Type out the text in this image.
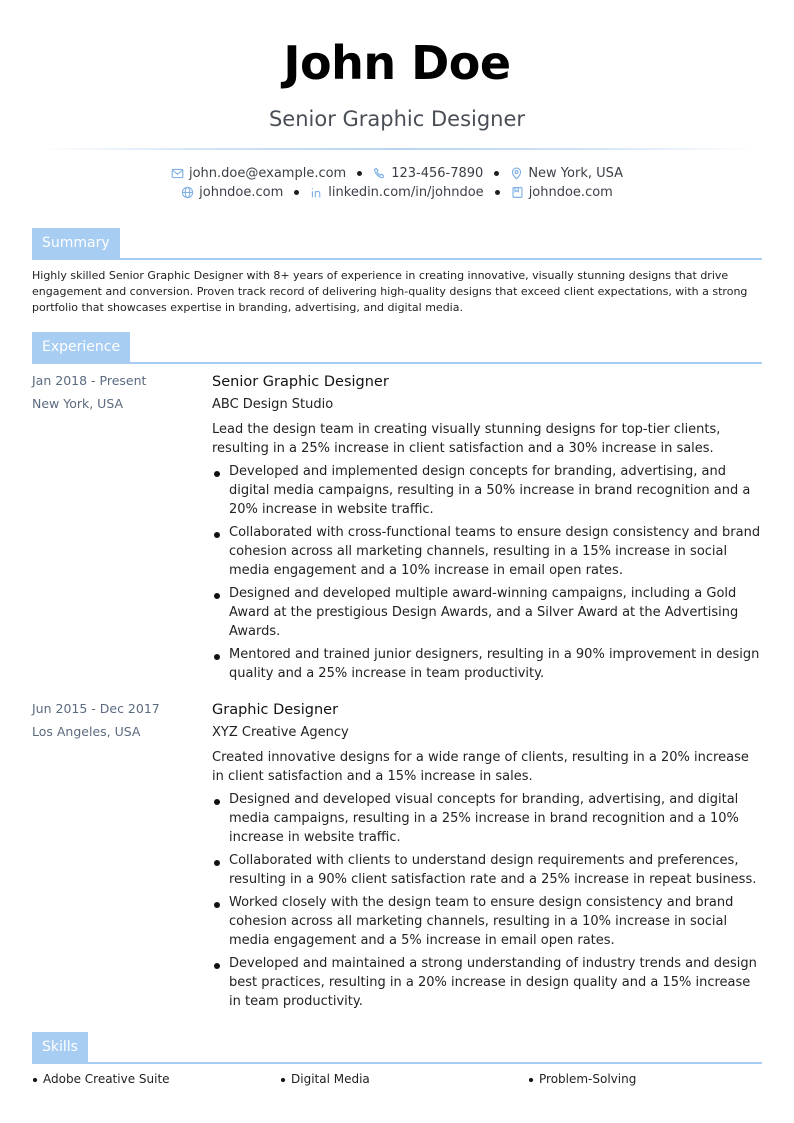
John Doe
Senior Graphic Designer
john.doe@example.com	123-456-7890	New York, USA
johndoe.com	linkedin.com/in/johndoe	johndoe.com
Summary
Highly skilled Senior Graphic Designer with 8+ years of experience in creating innovative, visually stunning designs that drive engagement and conversion. Proven track record of delivering high-quality designs that exceed client expectations, with a strong portfolio that showcases expertise in branding, advertising, and digital media.
Experience
Jan 2018 - Present
New York, USA
Senior Graphic Designer
ABC Design Studio
Lead the design team in creating visually stunning designs for top-tier clients, resulting in a 25% increase in client satisfaction and a 30% increase in sales.
Developed and implemented design concepts for branding, advertising, and digital media campaigns, resulting in a 50% increase in brand recognition and a 20% increase in website traffic.
Collaborated with cross-functional teams to ensure design consistency and brand cohesion across all marketing channels, resulting in a 15% increase in social media engagement and a 10% increase in email open rates.
Designed and developed multiple award-winning campaigns, including a Gold Award at the prestigious Design Awards, and a Silver Award at the Advertising Awards.
Mentored and trained junior designers, resulting in a 90% improvement in design quality and a 25% increase in team productivity.
Jun 2015 - Dec 2017
Los Angeles, USA
Graphic Designer
XYZ Creative Agency
Created innovative designs for a wide range of clients, resulting in a 20% increase in client satisfaction and a 15% increase in sales.
Designed and developed visual concepts for branding, advertising, and digital media campaigns, resulting in a 25% increase in brand recognition and a 10% increase in website traffic.
Collaborated with clients to understand design requirements and preferences, resulting in a 90% client satisfaction rate and a 25% increase in repeat business.
Worked closely with the design team to ensure design consistency and brand cohesion across all marketing channels, resulting in a 10% increase in social media engagement and a 5% increase in email open rates.
Developed and maintained a strong understanding of industry trends and design best practices, resulting in a 20% increase in design quality and a 15% increase in team productivity.
Skills
Adobe Creative Suite	Digital Media	Problem-Solving
